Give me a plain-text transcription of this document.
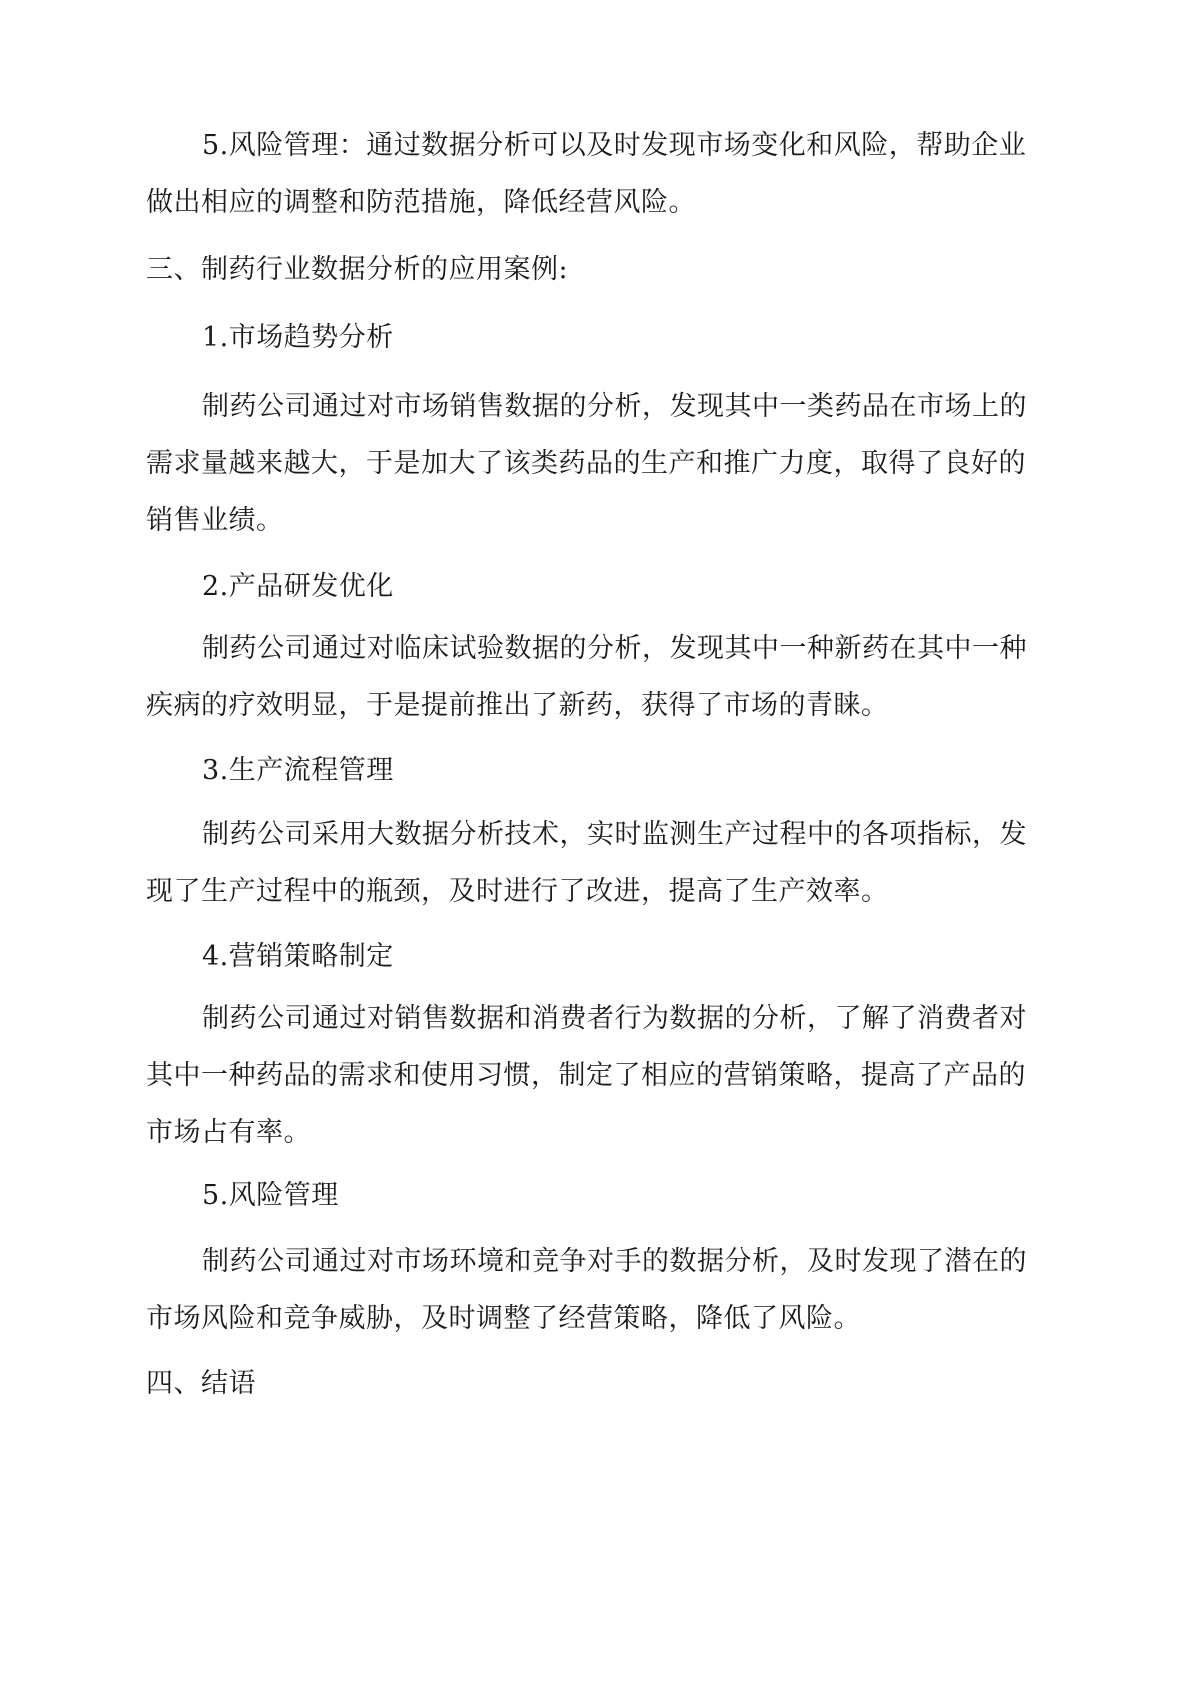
5.风险管理：通过数据分析可以及时发现市场变化和风险，帮助企业
做出相应的调整和防范措施，降低经营风险。
三、制药行业数据分析的应用案例:
1.市场趋势分析
制药公司通过对市场销售数据的分析，发现其中一类药品在市场上的
需求量越来越大，于是加大了该类药品的生产和推广力度，取得了良好的
销售业绩。
2.产品研发优化
制药公司通过对临床试验数据的分析，发现其中一种新药在其中一种
疾病的疗效明显，于是提前推出了新药，获得了市场的青睐。
3.生产流程管理
制药公司采用大数据分析技术，实时监测生产过程中的各项指标，发
现了生产过程中的瓶颈，及时进行了改进，提高了生产效率。
4.营销策略制定
制药公司通过对销售数据和消费者行为数据的分析，了解了消费者对
其中一种药品的需求和使用习惯，制定了相应的营销策略，提高了产品的
市场占有率。
5.风险管理
制药公司通过对市场环境和竞争对手的数据分析，及时发现了潜在的
市场风险和竞争威胁，及时调整了经营策略，降低了风险。
四、结语
